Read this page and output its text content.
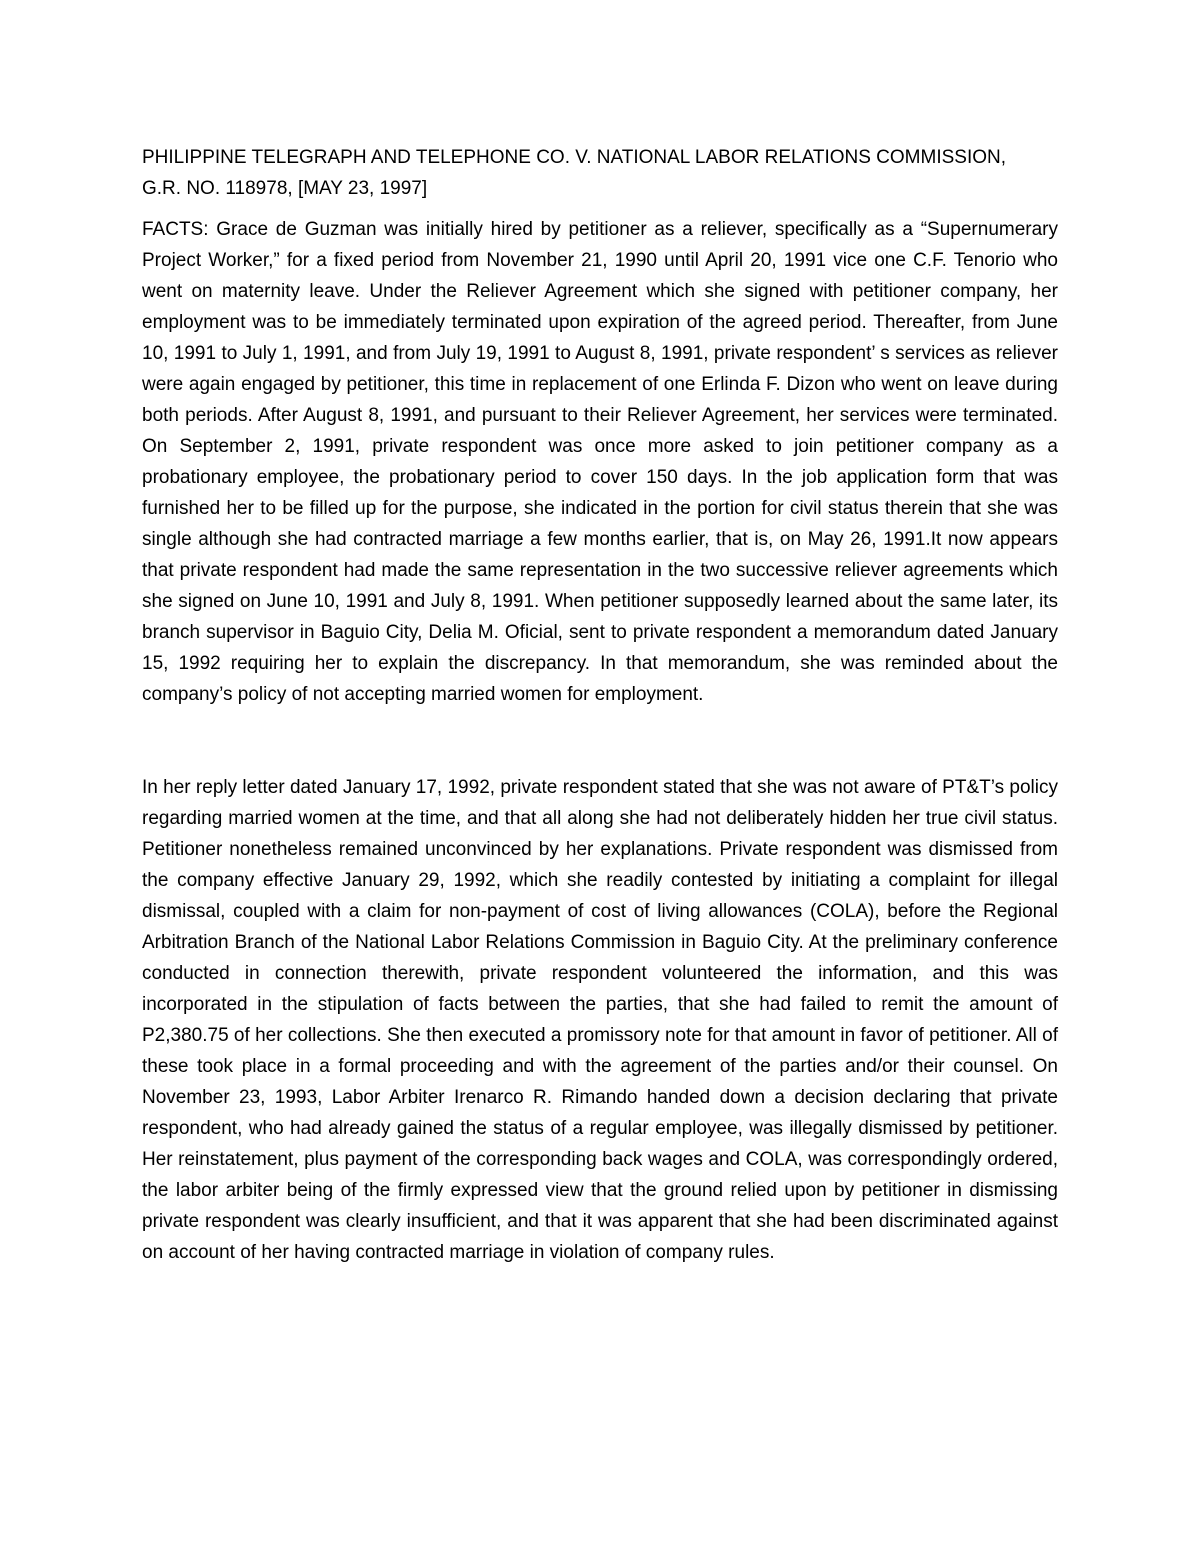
PHILIPPINE TELEGRAPH AND TELEPHONE CO. V. NATIONAL LABOR RELATIONS COMMISSION,
G.R. NO. 118978, [MAY 23, 1997]

FACTS: Grace de Guzman was initially hired by petitioner as a reliever, specifically as a “Supernumerary Project Worker,” for a fixed period from November 21, 1990 until April 20, 1991 vice one C.F. Tenorio who went on maternity leave. Under the Reliever Agreement which she signed with petitioner company, her employment was to be immediately terminated upon expiration of the agreed period. Thereafter, from June 10, 1991 to July 1, 1991, and from July 19, 1991 to August 8, 1991, private respondent’ s services as reliever were again engaged by petitioner, this time in replacement of one Erlinda F. Dizon who went on leave during both periods. After August 8, 1991, and pursuant to their Reliever Agreement, her services were terminated. On September 2, 1991, private respondent was once more asked to join petitioner company as a probationary employee, the probationary period to cover 150 days. In the job application form that was furnished her to be filled up for the purpose, she indicated in the portion for civil status therein that she was single although she had contracted marriage a few months earlier, that is, on May 26, 1991.It now appears that private respondent had made the same representation in the two successive reliever agreements which she signed on June 10, 1991 and July 8, 1991. When petitioner supposedly learned about the same later, its branch supervisor in Baguio City, Delia M. Oficial, sent to private respondent a memorandum dated January 15, 1992 requiring her to explain the discrepancy. In that memorandum, she was reminded about the company’s policy of not accepting married women for employment.

In her reply letter dated January 17, 1992, private respondent stated that she was not aware of PT&T’s policy regarding married women at the time, and that all along she had not deliberately hidden her true civil status. Petitioner nonetheless remained unconvinced by her explanations. Private respondent was dismissed from the company effective January 29, 1992, which she readily contested by initiating a complaint for illegal dismissal, coupled with a claim for non-payment of cost of living allowances (COLA), before the Regional Arbitration Branch of the National Labor Relations Commission in Baguio City. At the preliminary conference conducted in connection therewith, private respondent volunteered the information, and this was incorporated in the stipulation of facts between the parties, that she had failed to remit the amount of P2,380.75 of her collections. She then executed a promissory note for that amount in favor of petitioner. All of these took place in a formal proceeding and with the agreement of the parties and/or their counsel. On November 23, 1993, Labor Arbiter Irenarco R. Rimando handed down a decision declaring that private respondent, who had already gained the status of a regular employee, was illegally dismissed by petitioner. Her reinstatement, plus payment of the corresponding back wages and COLA, was correspondingly ordered, the labor arbiter being of the firmly expressed view that the ground relied upon by petitioner in dismissing private respondent was clearly insufficient, and that it was apparent that she had been discriminated against on account of her having contracted marriage in violation of company rules.
